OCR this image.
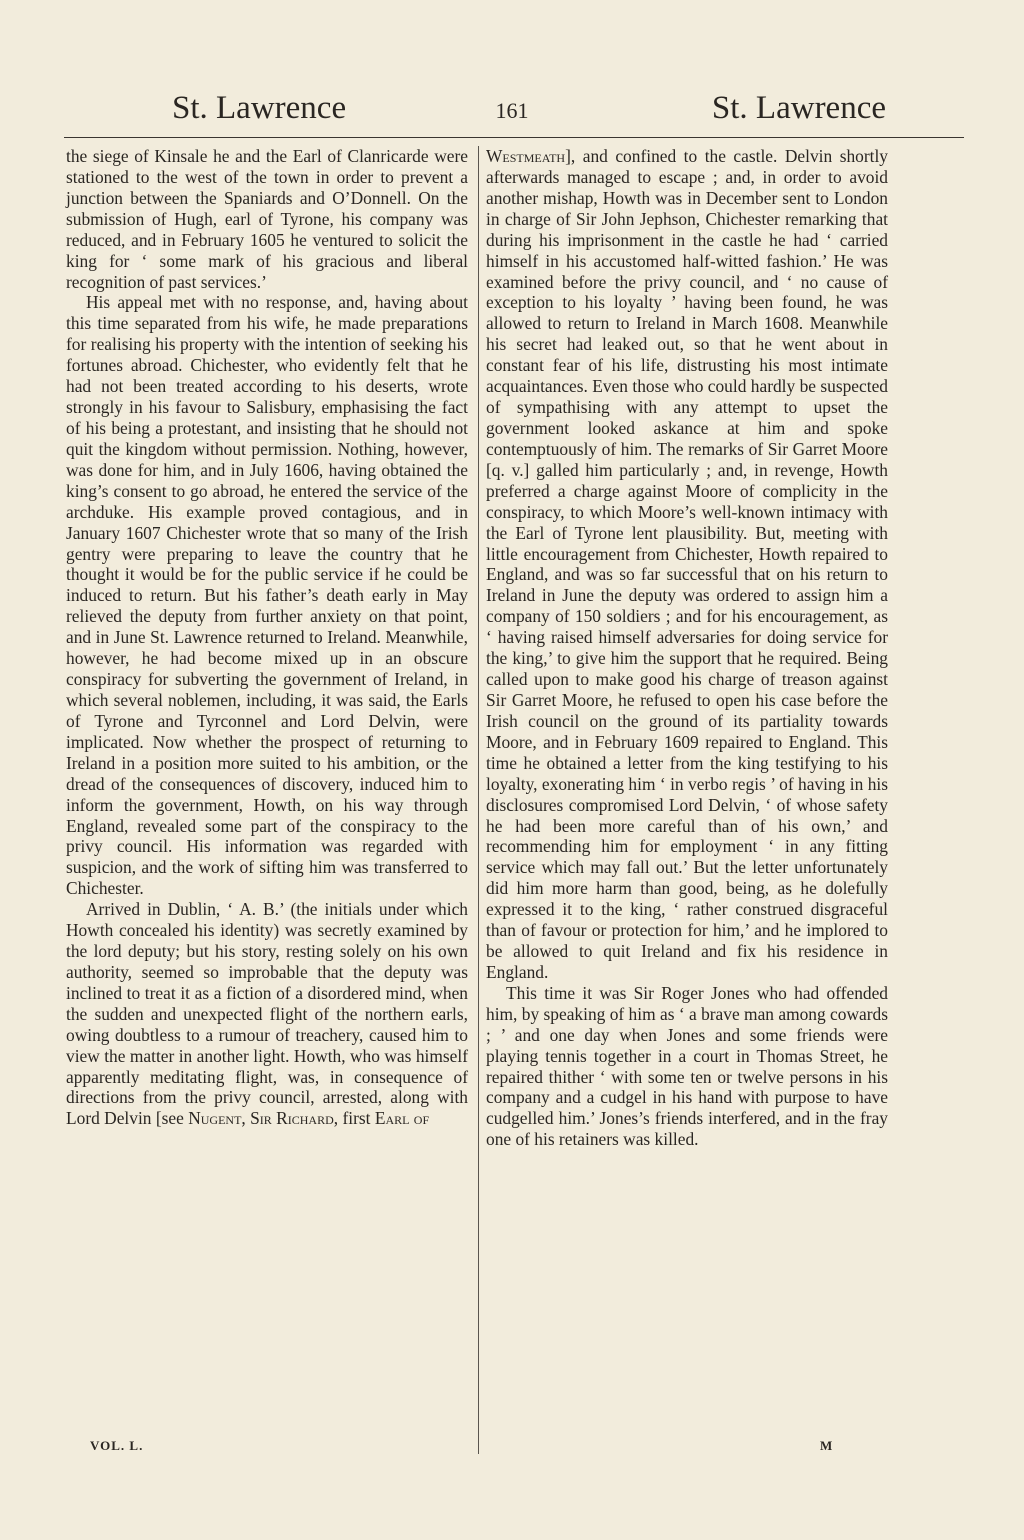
St. Lawrence	161	St. Lawrence

the siege of Kinsale he and the Earl of Clanricarde were stationed to the west of the town in order to prevent a junction between the Spaniards and O’Donnell. On the submission of Hugh, earl of Tyrone, his company was reduced, and in February 1605 he ventured to solicit the king for ‘ some mark of his gracious and liberal recognition of past services.’

His appeal met with no response, and, having about this time separated from his wife, he made preparations for realising his property with the intention of seeking his fortunes abroad. Chichester, who evidently felt that he had not been treated according to his deserts, wrote strongly in his favour to Salisbury, emphasising the fact of his being a protestant, and insisting that he should not quit the kingdom without permission. Nothing, however, was done for him, and in July 1606, having obtained the king’s consent to go abroad, he entered the service of the archduke. His example proved contagious, and in January 1607 Chichester wrote that so many of the Irish gentry were preparing to leave the country that he thought it would be for the public service if he could be induced to return. But his father’s death early in May relieved the deputy from further anxiety on that point, and in June St. Lawrence returned to Ireland. Meanwhile, however, he had become mixed up in an obscure conspiracy for subverting the government of Ireland, in which several noblemen, including, it was said, the Earls of Tyrone and Tyrconnel and Lord Delvin, were implicated. Now whether the prospect of returning to Ireland in a position more suited to his ambition, or the dread of the consequences of discovery, induced him to inform the government, Howth, on his way through England, revealed some part of the conspiracy to the privy council. His information was regarded with suspicion, and the work of sifting him was transferred to Chichester.

Arrived in Dublin, ‘ A. B.’ (the initials under which Howth concealed his identity) was secretly examined by the lord deputy; but his story, resting solely on his own authority, seemed so improbable that the deputy was inclined to treat it as a fiction of a disordered mind, when the sudden and unexpected flight of the northern earls, owing doubtless to a rumour of treachery, caused him to view the matter in another light. Howth, who was himself apparently meditating flight, was, in consequence of directions from the privy council, arrested, along with Lord Delvin [see Nugent, Sir Richard, first Earl of

Westmeath], and confined to the castle. Delvin shortly afterwards managed to escape ; and, in order to avoid another mishap, Howth was in December sent to London in charge of Sir John Jephson, Chichester remarking that during his imprisonment in the castle he had ‘ carried himself in his accustomed half-witted fashion.’ He was examined before the privy council, and ‘ no cause of exception to his loyalty ’ having been found, he was allowed to return to Ireland in March 1608. Meanwhile his secret had leaked out, so that he went about in constant fear of his life, distrusting his most intimate acquaintances. Even those who could hardly be suspected of sympathising with any attempt to upset the government looked askance at him and spoke contemptuously of him. The remarks of Sir Garret Moore [q. v.] galled him particularly ; and, in revenge, Howth preferred a charge against Moore of complicity in the conspiracy, to which Moore’s well-known intimacy with the Earl of Tyrone lent plausibility. But, meeting with little encouragement from Chichester, Howth repaired to England, and was so far successful that on his return to Ireland in June the deputy was ordered to assign him a company of 150 soldiers ; and for his encouragement, as ‘ having raised himself adversaries for doing service for the king,’ to give him the support that he required. Being called upon to make good his charge of treason against Sir Garret Moore, he refused to open his case before the Irish council on the ground of its partiality towards Moore, and in February 1609 repaired to England. This time he obtained a letter from the king testifying to his loyalty, exonerating him ‘ in verbo regis ’ of having in his disclosures compromised Lord Delvin, ‘ of whose safety he had been more careful than of his own,’ and recommending him for employment ‘ in any fitting service which may fall out.’ But the letter unfortunately did him more harm than good, being, as he dolefully expressed it to the king, ‘ rather construed disgraceful than of favour or protection for him,’ and he implored to be allowed to quit Ireland and fix his residence in England.

This time it was Sir Roger Jones who had offended him, by speaking of him as ‘ a brave man among cowards ; ’ and one day when Jones and some friends were playing tennis together in a court in Thomas Street, he repaired thither ‘ with some ten or twelve persons in his company and a cudgel in his hand with purpose to have cudgelled him.’ Jones’s friends interfered, and in the fray one of his retainers was killed.

VOL. L.	M
